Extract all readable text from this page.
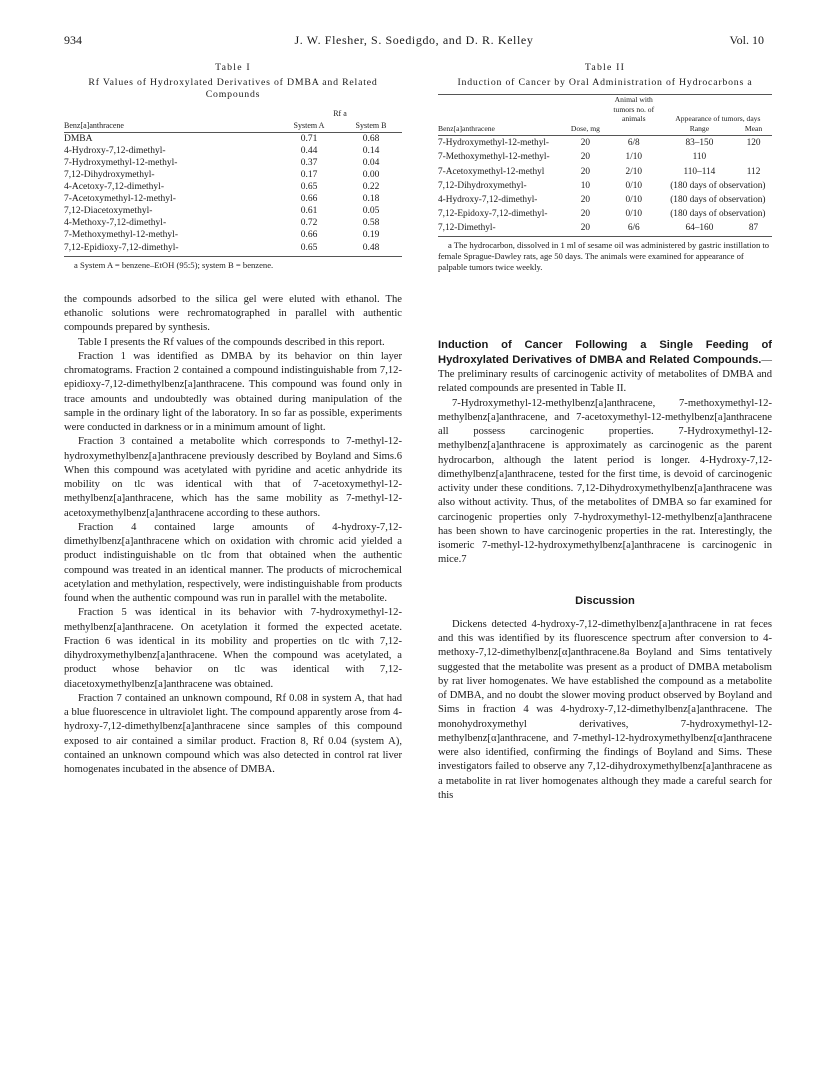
934	J. W. Flesher, S. Soedigdo, and D. R. Kelley	Vol. 10
Table I
Rf Values of Hydroxylated Derivatives of DMBA and Related Compounds
	Rf a	
Benz[a]anthracene	System A	System B
DMBA	0.71	0.68
4-Hydroxy-7,12-dimethyl-	0.44	0.14
7-Hydroxymethyl-12-methyl-	0.37	0.04
7,12-Dihydroxymethyl-	0.17	0.00
4-Acetoxy-7,12-dimethyl-	0.65	0.22
7-Acetoxymethyl-12-methyl-	0.66	0.18
7,12-Diacetoxymethyl-	0.61	0.05
4-Methoxy-7,12-dimethyl-	0.72	0.58
7-Methoxymethyl-12-methyl-	0.66	0.19
7,12-Epidioxy-7,12-dimethyl-	0.65	0.48
a System A = benzene–EtOH (95:5); system B = benzene.

the compounds adsorbed to the silica gel were eluted with ethanol. The ethanolic solutions were rechromatographed in parallel with authentic compounds prepared by synthesis.

Table I presents the Rf values of the compounds described in this report.

Fraction 1 was identified as DMBA by its behavior on thin layer chromatograms. Fraction 2 contained a compound indistinguishable from 7,12-epidioxy-7,12-dimethylbenz[a]anthracene. This compound was found only in trace amounts and undoubtedly was obtained during manipulation of the sample in the ordinary light of the laboratory. In so far as possible, experiments were conducted in darkness or in a minimum amount of light.

Fraction 3 contained a metabolite which corresponds to 7-methyl-12-hydroxymethylbenz[a]anthracene previously described by Boyland and Sims.6 When this compound was acetylated with pyridine and acetic anhydride its mobility on tlc was identical with that of 7-acetoxymethyl-12-methylbenz[a]anthracene, which has the same mobility as 7-methyl-12-acetoxymethylbenz[a]anthracene according to these authors.

Fraction 4 contained large amounts of 4-hydroxy-7,12-dimethylbenz[a]anthracene which on oxidation with chromic acid yielded a product indistinguishable on tlc from that obtained when the authentic compound was treated in an identical manner. The products of microchemical acetylation and methylation, respectively, were indistinguishable from products found when the authentic compound was run in parallel with the metabolite.

Fraction 5 was identical in its behavior with 7-hydroxymethyl-12-methylbenz[a]anthracene. On acetylation it formed the expected acetate. Fraction 6 was identical in its mobility and properties on tlc with 7,12-dihydroxymethylbenz[a]anthracene. When the compound was acetylated, a product whose behavior on tlc was identical with 7,12-diacetoxymethylbenz[a]anthracene was obtained.

Fraction 7 contained an unknown compound, Rf 0.08 in system A, that had a blue fluorescence in ultraviolet light. The compound apparently arose from 4-hydroxy-7,12-dimethylbenz[a]anthracene since samples of this compound exposed to air contained a similar product. Fraction 8, Rf 0.04 (system A), contained an unknown compound which was also detected in control rat liver homogenates incubated in the absence of DMBA.

Table II
Induction of Cancer by Oral Administration of Hydrocarbons a
		Animal with tumors no. of animals	Appearance of tumors, days	
Benz[a]anthracene	Dose, mg		Range	Mean
7-Hydroxymethyl-12-methyl-	20	6/8	83–150	120
7-Methoxymethyl-12-methyl-	20	1/10	110	
7-Acetoxymethyl-12-methyl	20	2/10	110–114	112
7,12-Dihydroxymethyl-	10	0/10	(180 days of observation)	
4-Hydroxy-7,12-dimethyl-	20	0/10	(180 days of observation)	
7,12-Epidoxy-7,12-dimethyl-	20	0/10	(180 days of observation)	
7,12-Dimethyl-	20	6/6	64–160	87
a The hydrocarbon, dissolved in 1 ml of sesame oil was administered by gastric instillation to female Sprague-Dawley rats, age 50 days. The animals were examined for appearance of palpable tumors twice weekly.

Induction of Cancer Following a Single Feeding of Hydroxylated Derivatives of DMBA and Related Compounds.—The preliminary results of carcinogenic activity of metabolites of DMBA and related compounds are presented in Table II.

7-Hydroxymethyl-12-methylbenz[a]anthracene, 7-methoxymethyl-12-methylbenz[a]anthracene, and 7-acetoxymethyl-12-methylbenz[a]anthracene all possess carcinogenic properties. 7-Hydroxymethyl-12-methylbenz[a]anthracene is approximately as carcinogenic as the parent hydrocarbon, although the latent period is longer. 4-Hydroxy-7,12-dimethylbenz[a]anthracene, tested for the first time, is devoid of carcinogenic activity under these conditions. 7,12-Dihydroxymethylbenz[a]anthracene was also without activity. Thus, of the metabolites of DMBA so far examined for carcinogenic properties only 7-hydroxymethyl-12-methylbenz[a]anthracene has been shown to have carcinogenic properties in the rat. Interestingly, the isomeric 7-methyl-12-hydroxymethylbenz[a]anthracene is carcinogenic in mice.7

Discussion

Dickens detected 4-hydroxy-7,12-dimethylbenz[a]anthracene in rat feces and this was identified by its fluorescence spectrum after conversion to 4-methoxy-7,12-dimethylbenz[α]anthracene.8a Boyland and Sims tentatively suggested that the metabolite was present as a product of DMBA metabolism by rat liver homogenates. We have established the compound as a metabolite of DMBA, and no doubt the slower moving product observed by Boyland and Sims in fraction 4 was 4-hydroxy-7,12-dimethylbenz[a]anthracene. The monohydroxymethyl derivatives, 7-hydroxymethyl-12-methylbenz[α]anthracene, and 7-methyl-12-hydroxymethylbenz[α]anthracene were also identified, confirming the findings of Boyland and Sims. These investigators failed to observe any 7,12-dihydroxymethylbenz[a]anthracene as a metabolite in rat liver homogenates although they made a careful search for this
